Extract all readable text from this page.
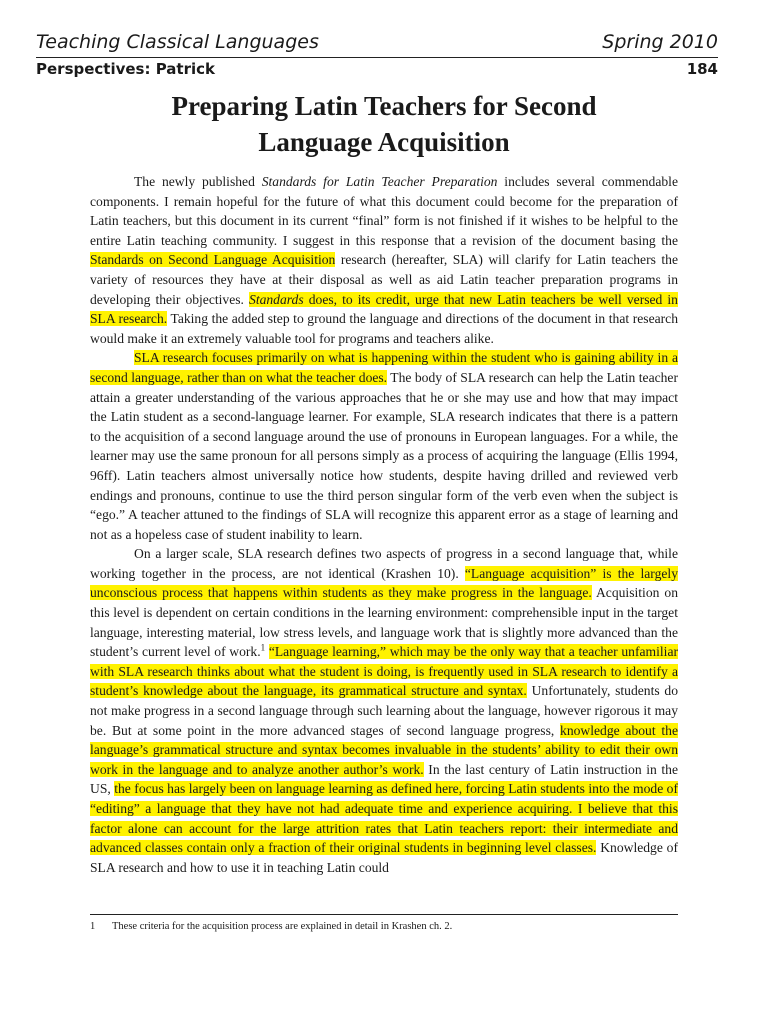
Teaching Classical Languages	Spring 2010
Perspectives: Patrick	184
Preparing Latin Teachers for Second
Language Acquisition

The newly published Standards for Latin Teacher Preparation includes several commendable components. I remain hopeful for the future of what this document could become for the preparation of Latin teachers, but this document in its current “final” form is not finished if it wishes to be helpful to the entire Latin teaching community. I suggest in this response that a revision of the document basing the Standards on Second Language Acquisition research (hereafter, SLA) will clarify for Latin teachers the variety of resources they have at their disposal as well as aid Latin teacher preparation programs in developing their objectives. Standards does, to its credit, urge that new Latin teachers be well versed in SLA research. Taking the added step to ground the language and directions of the document in that research would make it an extremely valuable tool for programs and teachers alike.

SLA research focuses primarily on what is happening within the student who is gaining ability in a second language, rather than on what the teacher does. The body of SLA research can help the Latin teacher attain a greater understanding of the various approaches that he or she may use and how that may impact the Latin student as a second-language learner. For example, SLA research indicates that there is a pattern to the acquisition of a second language around the use of pronouns in European languages. For a while, the learner may use the same pronoun for all persons simply as a process of acquiring the language (Ellis 1994, 96ff). Latin teachers almost universally notice how students, despite having drilled and reviewed verb endings and pronouns, continue to use the third person singular form of the verb even when the subject is “ego.” A teacher attuned to the findings of SLA will recognize this apparent error as a stage of learning and not as a hopeless case of student inability to learn.

On a larger scale, SLA research defines two aspects of progress in a second language that, while working together in the process, are not identical (Krashen 10). “Language acquisition” is the largely unconscious process that happens within students as they make progress in the language. Acquisition on this level is dependent on certain conditions in the learning environment: comprehensible input in the target language, interesting material, low stress levels, and language work that is slightly more advanced than the student’s current level of work.$^1$ “Language learning,” which may be the only way that a teacher unfamiliar with SLA research thinks about what the student is doing, is frequently used in SLA research to identify a student’s knowledge about the language, its grammatical structure and syntax. Unfortunately, students do not make progress in a second language through such learning about the language, however rigorous it may be. But at some point in the more advanced stages of second language progress, knowledge about the language’s grammatical structure and syntax becomes invaluable in the students’ ability to edit their own work in the language and to analyze another author’s work. In the last century of Latin instruction in the US, the focus has largely been on language learning as defined here, forcing Latin students into the mode of “editing” a language that they have not had adequate time and experience acquiring. I believe that this factor alone can account for the large attrition rates that Latin teachers report: their intermediate and advanced classes contain only a fraction of their original students in beginning level classes. Knowledge of SLA research and how to use it in teaching Latin could

1	These criteria for the acquisition process are explained in detail in Krashen ch. 2.
